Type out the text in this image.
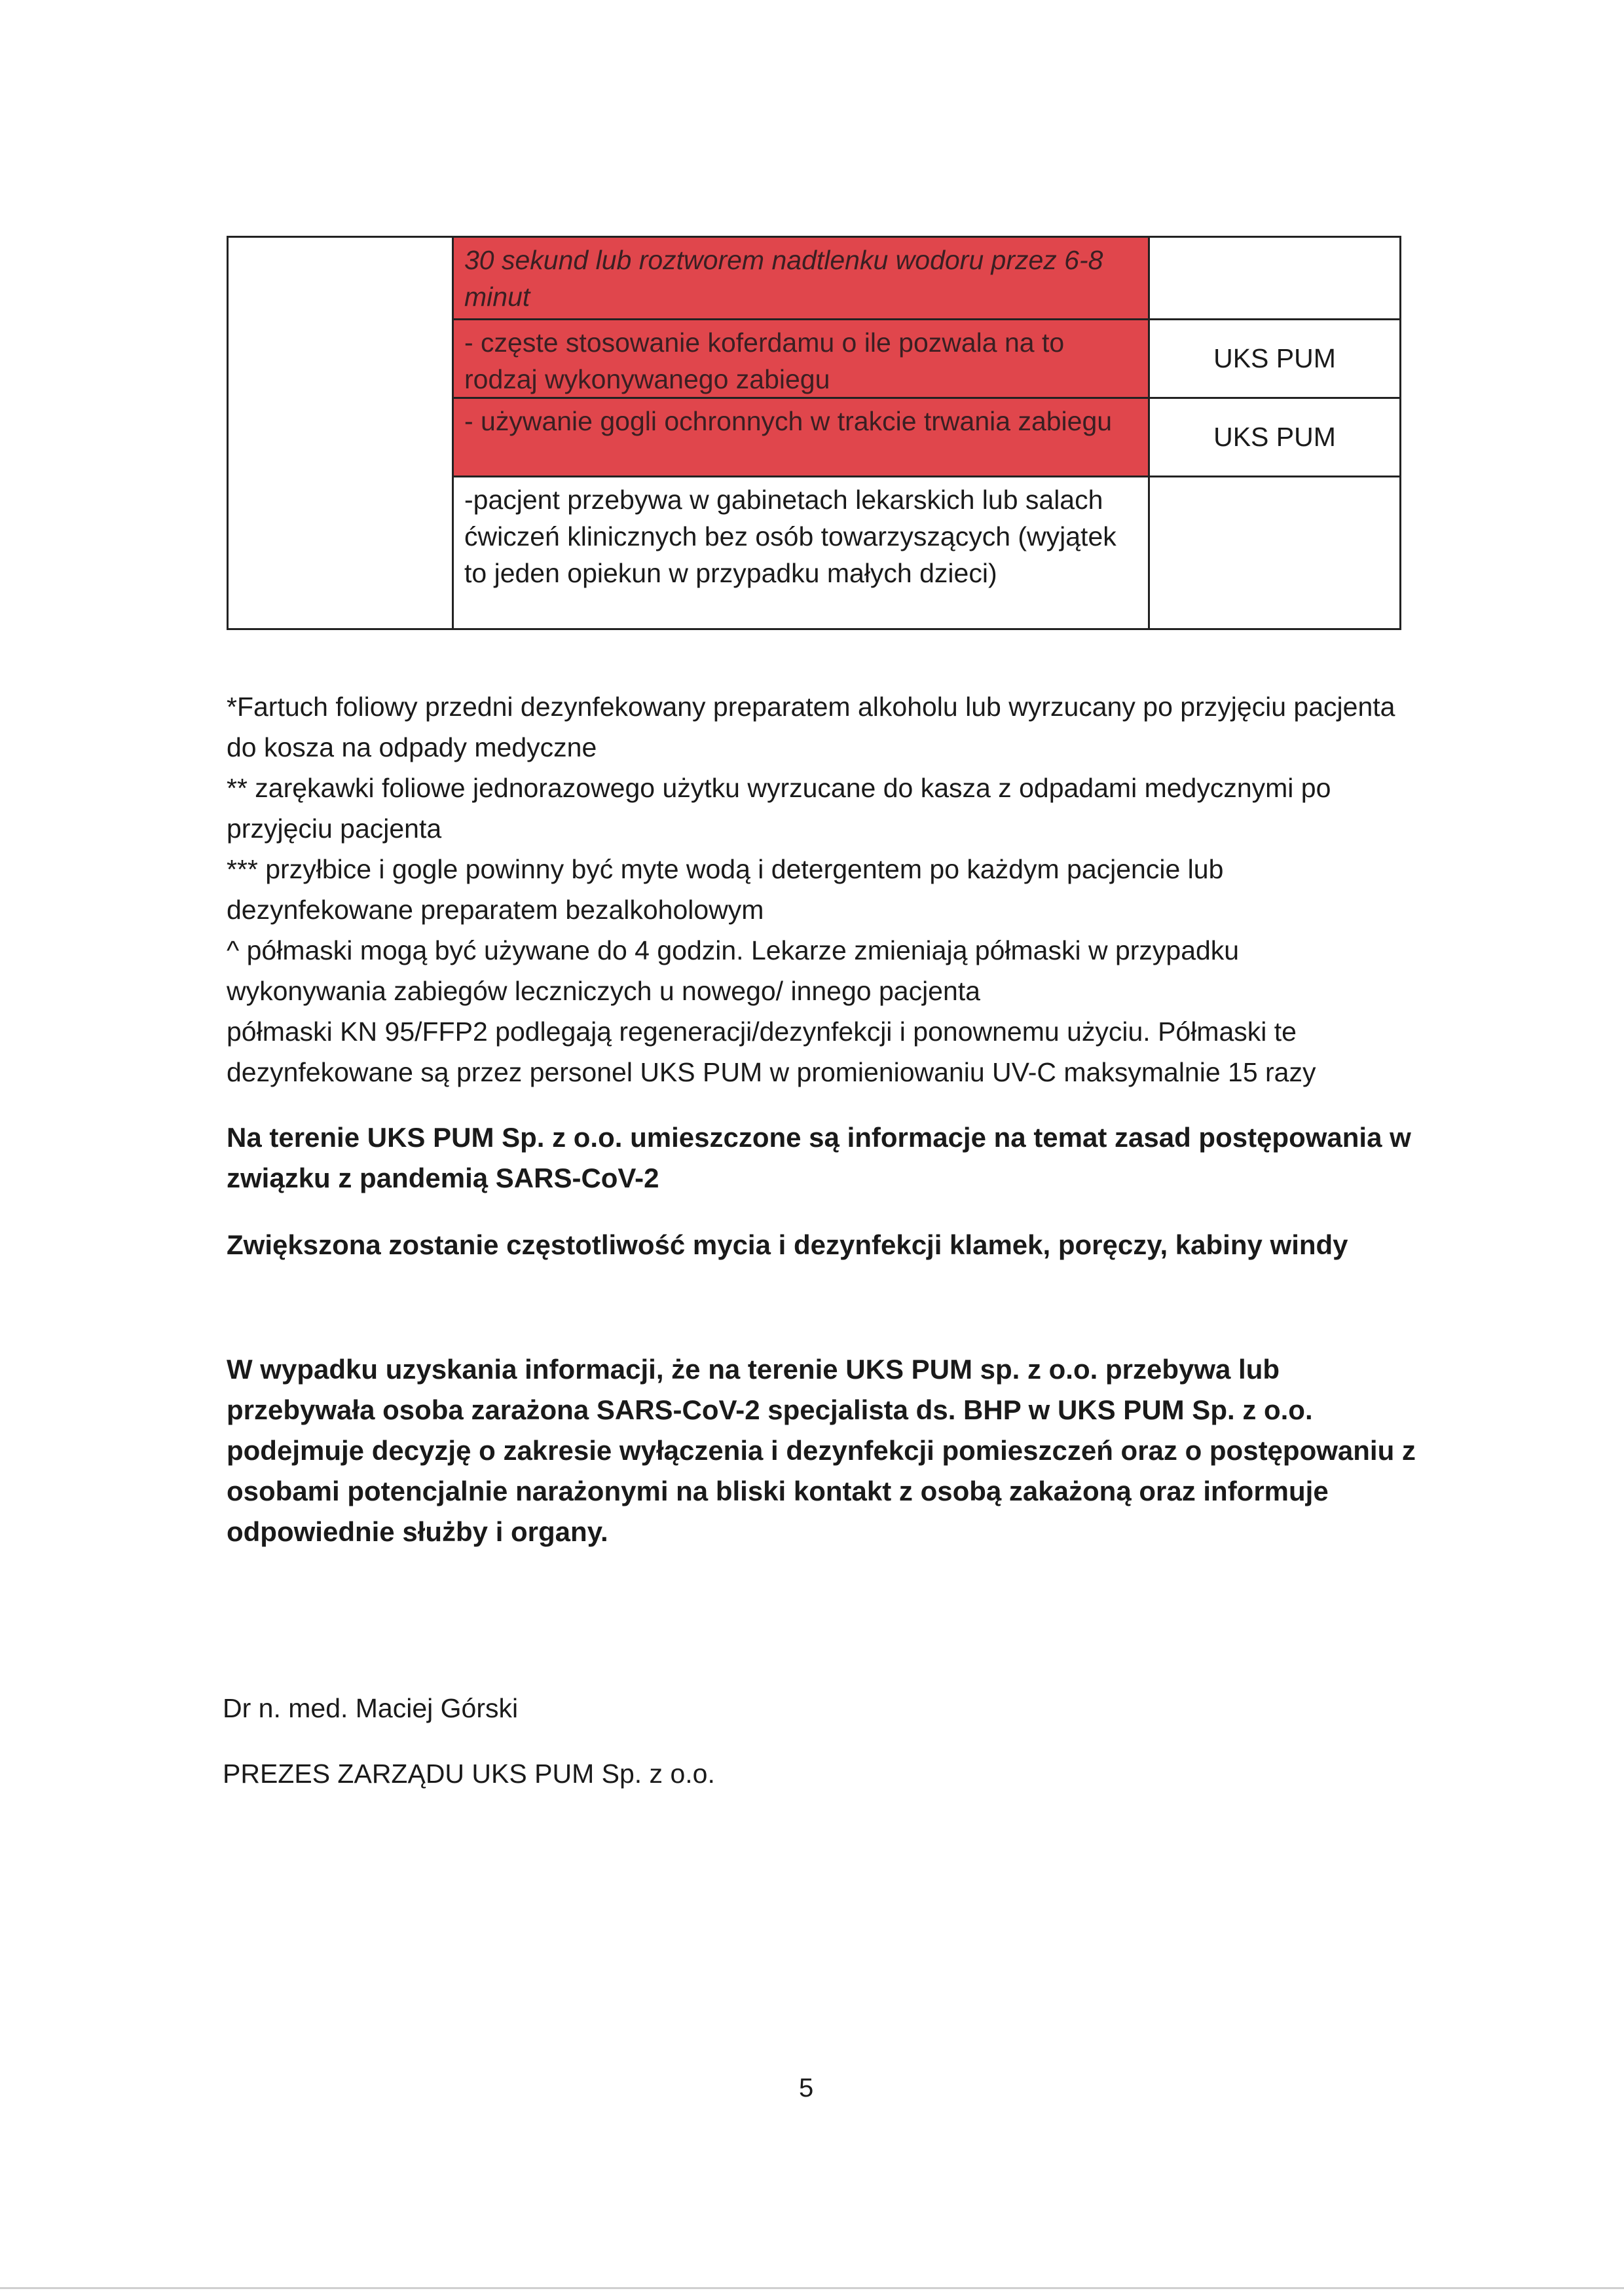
30 sekund lub roztworem nadtlenku wodoru przez 6-8 minut
- częste stosowanie koferdamu o ile pozwala na to rodzaj wykonywanego zabiegu
- używanie gogli ochronnych w trakcie trwania zabiegu
-pacjent przebywa w gabinetach lekarskich lub salach ćwiczeń klinicznych bez osób towarzyszących (wyjątek to jeden opiekun w przypadku małych dzieci)
UKS PUM
UKS PUM

*Fartuch foliowy przedni dezynfekowany preparatem alkoholu lub wyrzucany po przyjęciu pacjenta do kosza na odpady medyczne

** zarękawki foliowe jednorazowego użytku wyrzucane do kasza z odpadami medycznymi po przyjęciu pacjenta

*** przyłbice i gogle powinny być myte wodą i detergentem po każdym pacjencie lub dezynfekowane preparatem bezalkoholowym

^ półmaski mogą być używane do 4 godzin. Lekarze zmieniają półmaski w przypadku wykonywania zabiegów leczniczych u nowego/ innego pacjenta

półmaski KN 95/FFP2 podlegają regeneracji/dezynfekcji i ponownemu użyciu. Półmaski te dezynfekowane są przez personel UKS PUM w promieniowaniu UV-C maksymalnie 15 razy

Na terenie UKS PUM Sp. z o.o. umieszczone są informacje na temat zasad postępowania w związku z pandemią SARS-CoV-2

Zwiększona zostanie częstotliwość mycia i dezynfekcji klamek, poręczy, kabiny windy

W wypadku uzyskania informacji, że na terenie UKS PUM sp. z o.o. przebywa lub przebywała osoba zarażona SARS-CoV-2 specjalista ds. BHP w UKS PUM Sp. z o.o. podejmuje decyzję o zakresie wyłączenia i dezynfekcji pomieszczeń oraz o postępowaniu z osobami potencjalnie narażonymi na bliski kontakt z osobą zakażoną oraz informuje odpowiednie służby i organy.

Dr n. med. Maciej Górski

PREZES ZARZĄDU UKS PUM Sp. z o.o.

5
